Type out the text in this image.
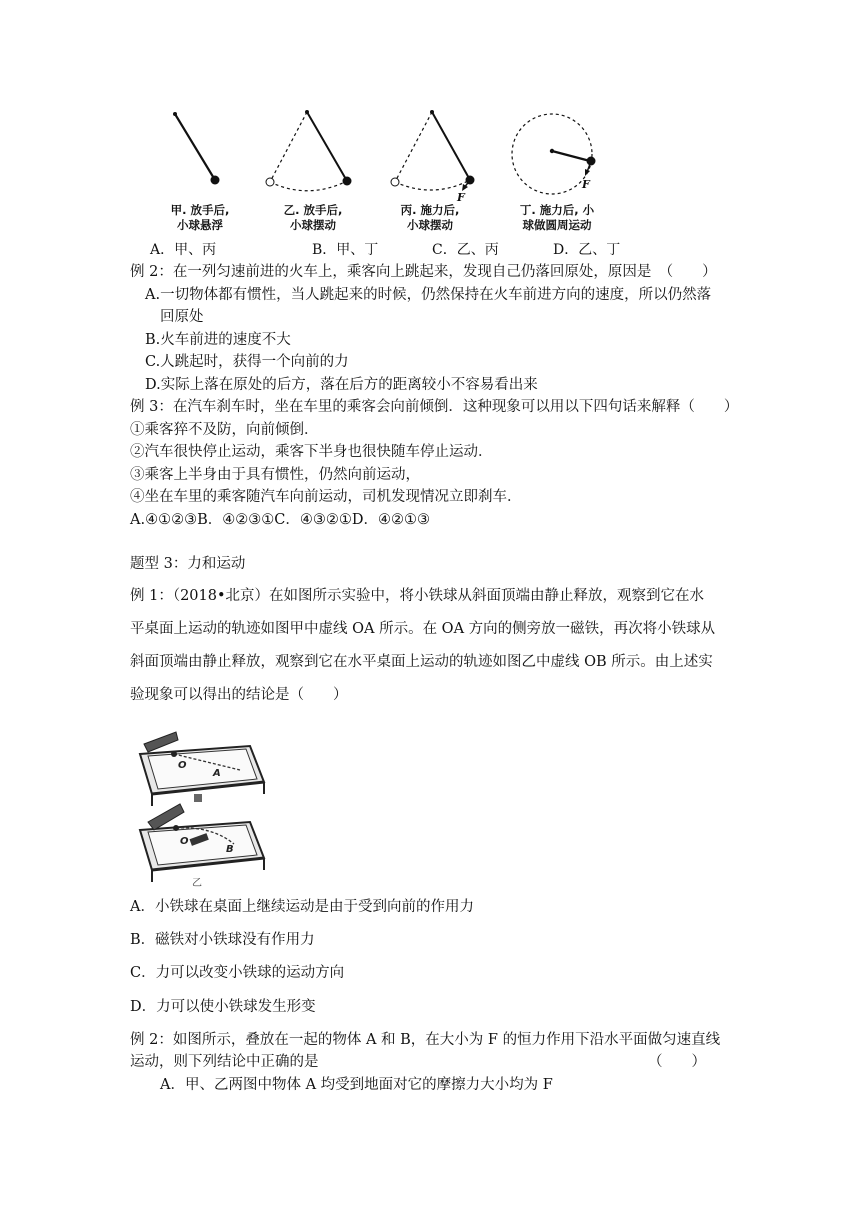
F
F
甲. 放手后,
小球悬浮
乙. 放手后,
小球摆动
丙. 施力后,
小球摆动
丁. 施力后, 小
球做圆周运动
A．甲、丙	B．甲、丁	C．乙、丙	D．乙、丁
例 2：在一列匀速前进的火车上，乘客向上跳起来，发现自己仍落回原处，原因是　（　　）
A.一切物体都有惯性，当人跳起来的时候，仍然保持在火车前进方向的速度，所以仍然落
回原处
B.火车前进的速度不大
C.人跳起时，获得一个向前的力
D.实际上落在原处的后方，落在后方的距离较小不容易看出来
例 3：在汽车刹车时，坐在车里的乘客会向前倾倒．这种现象可以用以下四句话来解释（　　）
①乘客猝不及防，向前倾倒．
②汽车很快停止运动，乘客下半身也很快随车停止运动．
③乘客上半身由于具有惯性，仍然向前运动，
④坐在车里的乘客随汽车向前运动，司机发现情况立即刹车．
A.④①②③B．④②③①C．④③②①D．④②①③
题型 3：力和运动
例 1：（2018•北京）在如图所示实验中，将小铁球从斜面顶端由静止释放，观察到它在水
平桌面上运动的轨迹如图甲中虚线 OA 所示。在 OA 方向的侧旁放一磁铁，再次将小铁球从
斜面顶端由静止释放，观察到它在水平桌面上运动的轨迹如图乙中虚线 OB 所示。由上述实
验现象可以得出的结论是（　　）
O
A
O
B
乙
A．小铁球在桌面上继续运动是由于受到向前的作用力
B．磁铁对小铁球没有作用力
C．力可以改变小铁球的运动方向
D．力可以使小铁球发生形变
例 2：如图所示，叠放在一起的物体 A 和 B，在大小为 F 的恒力作用下沿水平面做匀速直线
运动，则下列结论中正确的是	（　　）
A．甲、乙两图中物体 A 均受到地面对它的摩擦力大小均为 F
